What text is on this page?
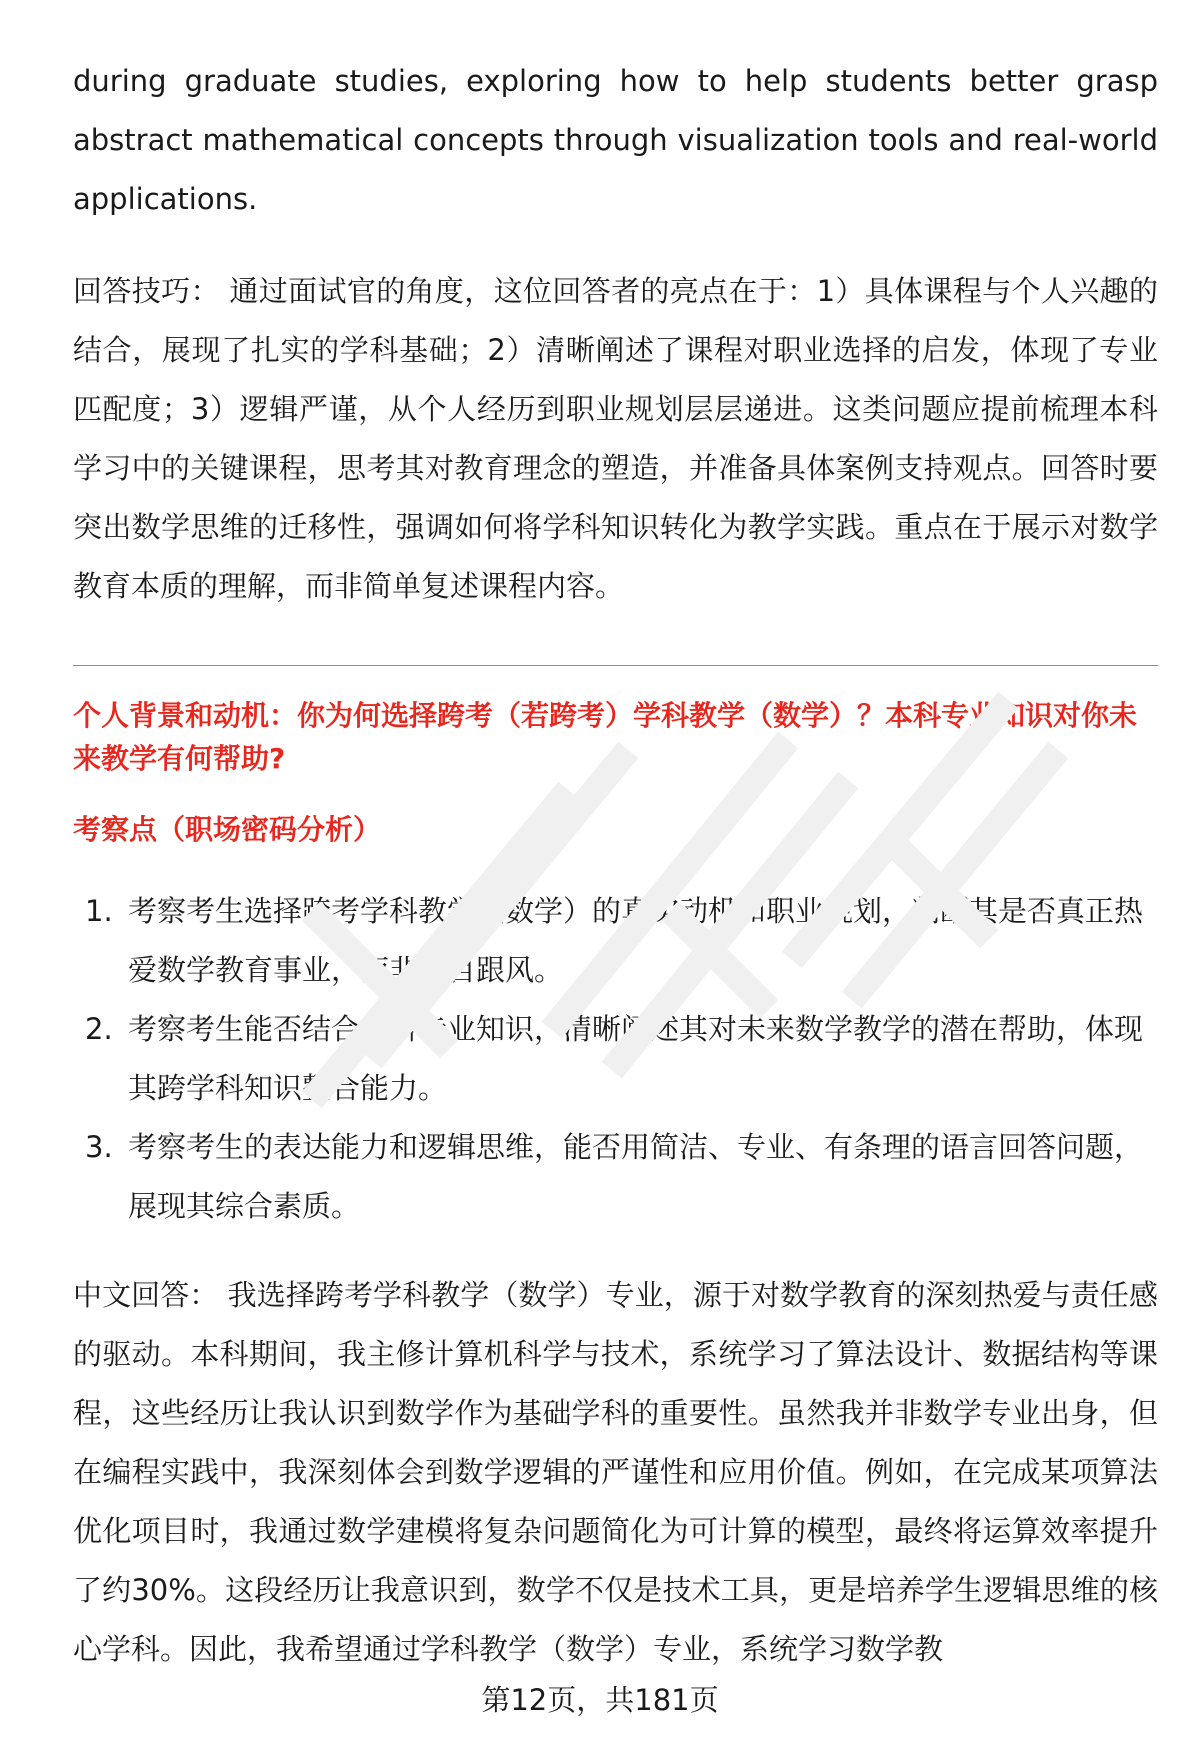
during graduate studies, exploring how to help students better grasp abstract mathematical concepts through visualization tools and real-world applications.

回答技巧： 通过面试官的角度，这位回答者的亮点在于：1）具体课程与个人兴趣的结合，展现了扎实的学科基础；2）清晰阐述了课程对职业选择的启发，体现了专业匹配度；3）逻辑严谨，从个人经历到职业规划层层递进。这类问题应提前梳理本科学习中的关键课程，思考其对教育理念的塑造，并准备具体案例支持观点。回答时要突出数学思维的迁移性，强调如何将学科知识转化为教学实践。重点在于展示对数学教育本质的理解，而非简单复述课程内容。

个人背景和动机：你为何选择跨考（若跨考）学科教学（数学）？本科专业知识对你未来教学有何帮助?

考察点（职场密码分析）

1. 考察考生选择跨考学科教学（数学）的真实动机和职业规划，判断其是否真正热爱数学教育事业，而非盲目跟风。
2. 考察考生能否结合本科专业知识，清晰阐述其对未来数学教学的潜在帮助，体现其跨学科知识整合能力。
3. 考察考生的表达能力和逻辑思维，能否用简洁、专业、有条理的语言回答问题，展现其综合素质。

中文回答： 我选择跨考学科教学（数学）专业，源于对数学教育的深刻热爱与责任感的驱动。本科期间，我主修计算机科学与技术，系统学习了算法设计、数据结构等课程，这些经历让我认识到数学作为基础学科的重要性。虽然我并非数学专业出身，但在编程实践中，我深刻体会到数学逻辑的严谨性和应用价值。例如，在完成某项算法优化项目时，我通过数学建模将复杂问题简化为可计算的模型，最终将运算效率提升了约30%。这段经历让我意识到，数学不仅是技术工具，更是培养学生逻辑思维的核心学科。因此，我希望通过学科教学（数学）专业，系统学习数学教

第12页，共181页
